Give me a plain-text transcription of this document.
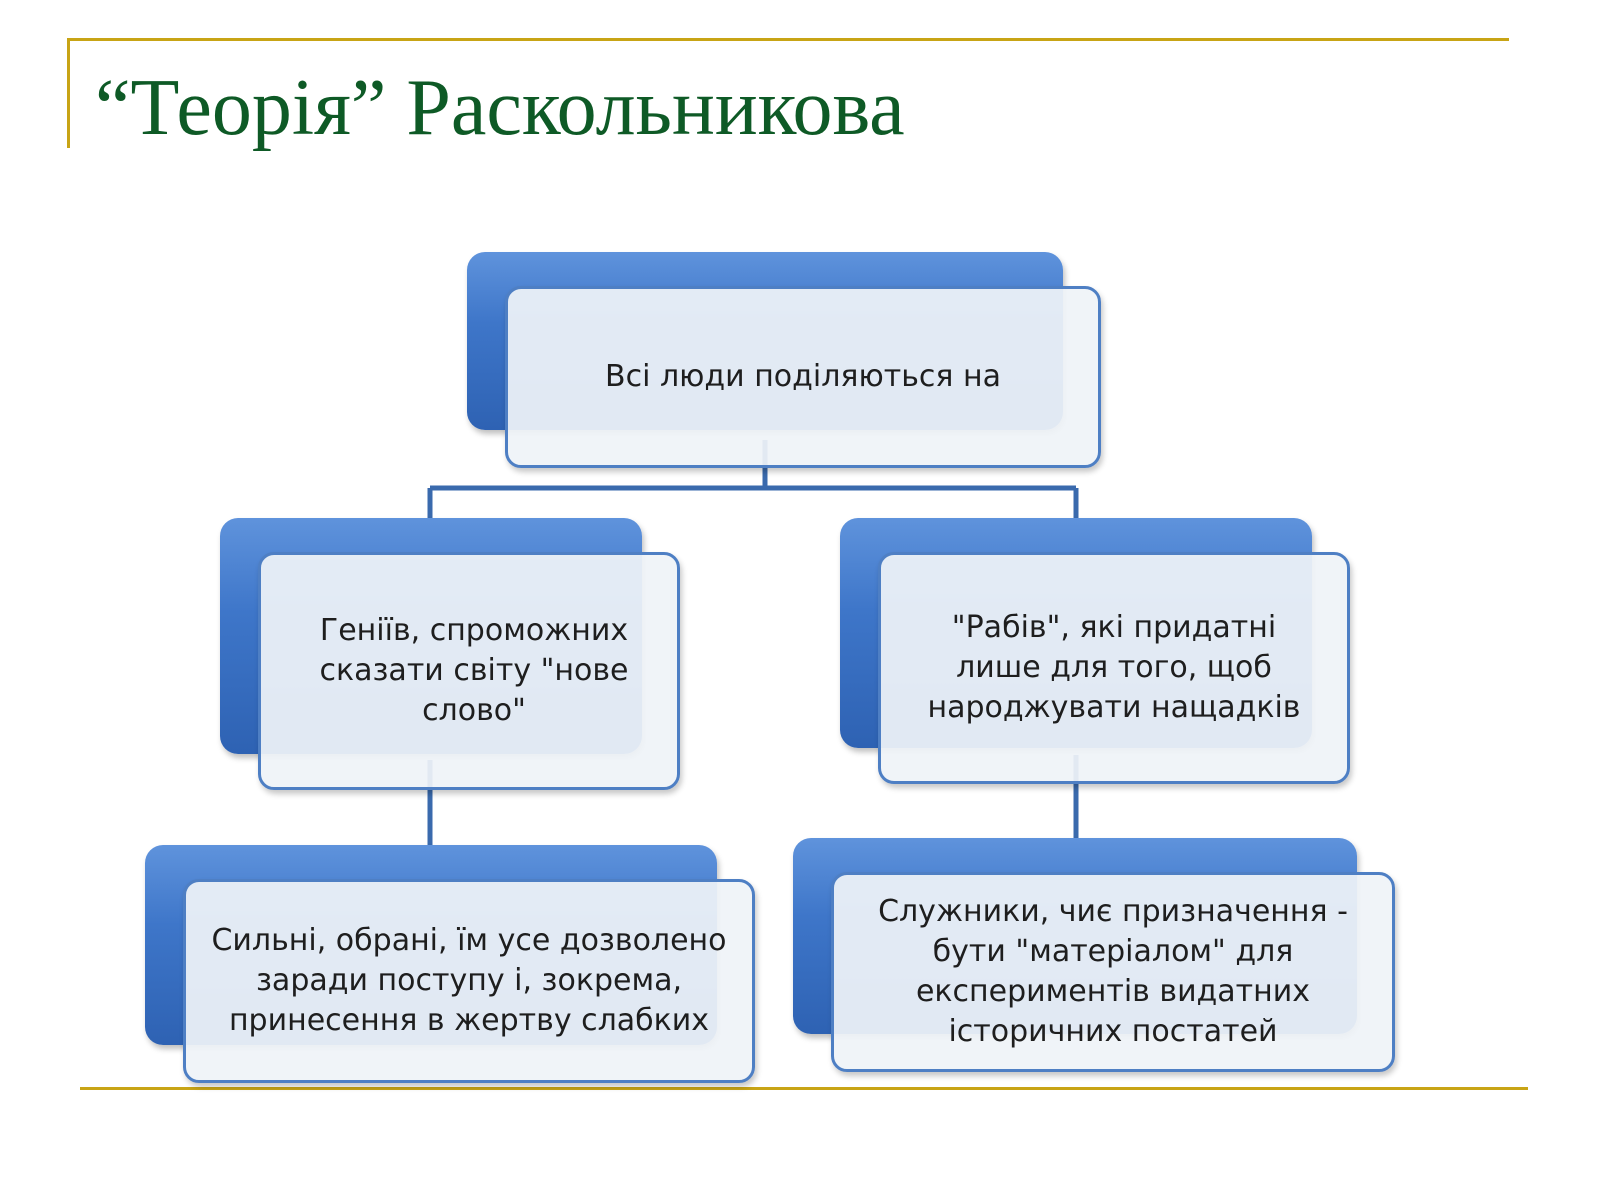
“Теорія” Раскольникова
Всі люди поділяються на
Геніїв, спроможних сказати світу "нове слово"
"Рабів", які придатні лише для того, щоб народжувати нащадків
Сильні, обрані, їм усе дозволено заради поступу і, зокрема, принесення в жертву слабких
Служники, чиє призначення - бути "матеріалом" для експериментів видатних історичних постатей
